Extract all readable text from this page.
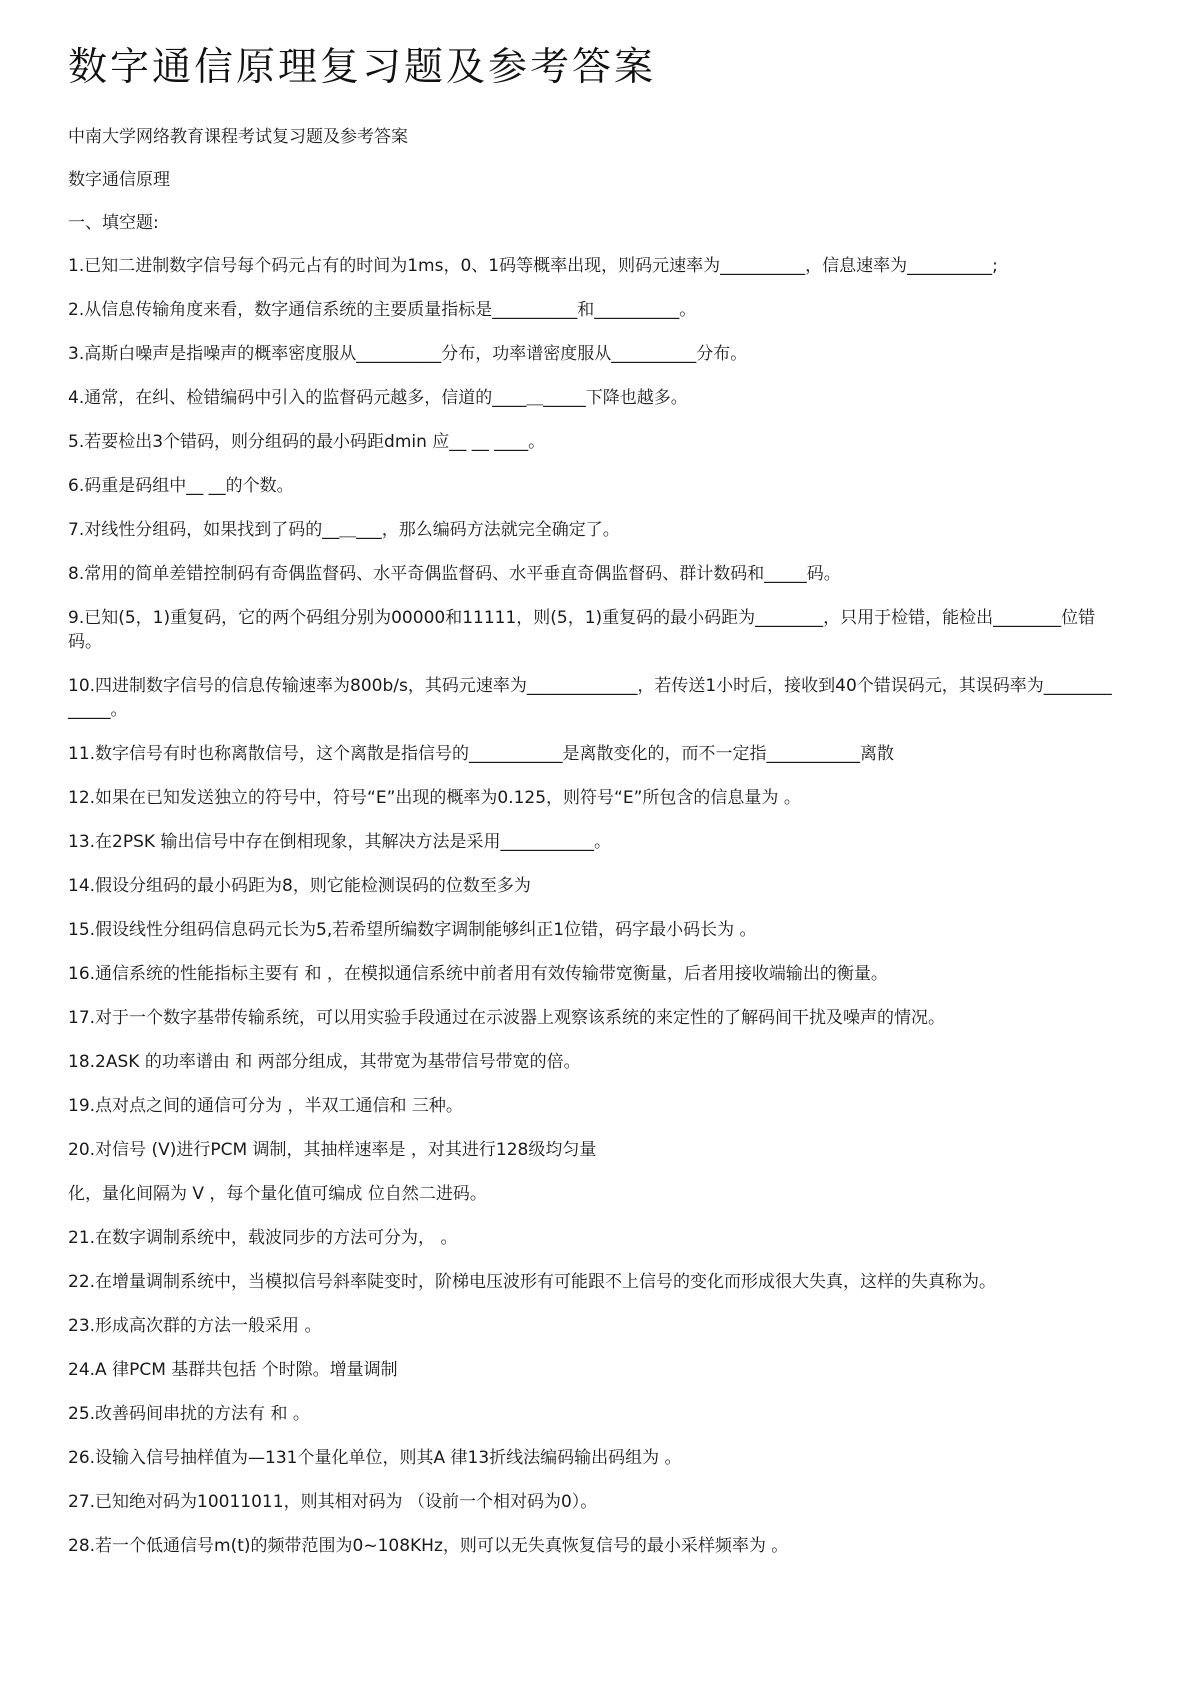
数字通信原理复习题及参考答案

中南大学网络教育课程考试复习题及参考答案

数字通信原理

一、填空题:

1.已知二进制数字信号每个码元占有的时间为1ms，0、1码等概率出现，则码元速率为__________，信息速率为__________;
2.从信息传输角度来看，数字通信系统的主要质量指标是__________和__________。
3.高斯白噪声是指噪声的概率密度服从__________分布，功率谱密度服从__________分布。
4.通常，在纠、检错编码中引入的监督码元越多，信道的____＿_____下降也越多。
5.若要检出3个错码，则分组码的最小码距dmin 应__ __ ____。
6.码重是码组中__ __的个数。
7.对线性分组码，如果找到了码的__＿___，那么编码方法就完全确定了。
8.常用的简单差错控制码有奇偶监督码、水平奇偶监督码、水平垂直奇偶监督码、群计数码和_____码。
9.已知(5，1)重复码，它的两个码组分别为00000和11111，则(5，1)重复码的最小码距为________，只用于检错，能检出________位错码。
10.四进制数字信号的信息传输速率为800b/s，其码元速率为_____________，若传送1小时后，接收到40个错误码元，其误码率为_____________。
11.数字信号有时也称离散信号，这个离散是指信号的___________是离散变化的，而不一定指___________离散
12.如果在已知发送独立的符号中，符号“E”出现的概率为0.125，则符号“E”所包含的信息量为 。
13.在2PSK 输出信号中存在倒相现象，其解决方法是采用___________。
14.假设分组码的最小码距为8，则它能检测误码的位数至多为
15.假设线性分组码信息码元长为5,若希望所编数字调制能够纠正1位错，码字最小码长为 。
16.通信系统的性能指标主要有 和 ，在模拟通信系统中前者用有效传输带宽衡量，后者用接收端输出的衡量。
17.对于一个数字基带传输系统，可以用实验手段通过在示波器上观察该系统的来定性的了解码间干扰及噪声的情况。
18.2ASK 的功率谱由 和 两部分组成，其带宽为基带信号带宽的倍。
19.点对点之间的通信可分为 ，半双工通信和 三种。
20.对信号 (V)进行PCM 调制，其抽样速率是 ，对其进行128级均匀量
化，量化间隔为 V ，每个量化值可编成 位自然二进码。
21.在数字调制系统中，载波同步的方法可分为， 。
22.在增量调制系统中，当模拟信号斜率陡变时，阶梯电压波形有可能跟不上信号的变化而形成很大失真，这样的失真称为。
23.形成高次群的方法一般采用 。
24.A 律PCM 基群共包括 个时隙。增量调制
25.改善码间串扰的方法有 和 。
26.设输入信号抽样值为—131个量化单位，则其A 律13折线法编码输出码组为 。
27.已知绝对码为10011011，则其相对码为 （设前一个相对码为0）。
28.若一个低通信号m(t)的频带范围为0~108KHz，则可以无失真恢复信号的最小采样频率为 。
